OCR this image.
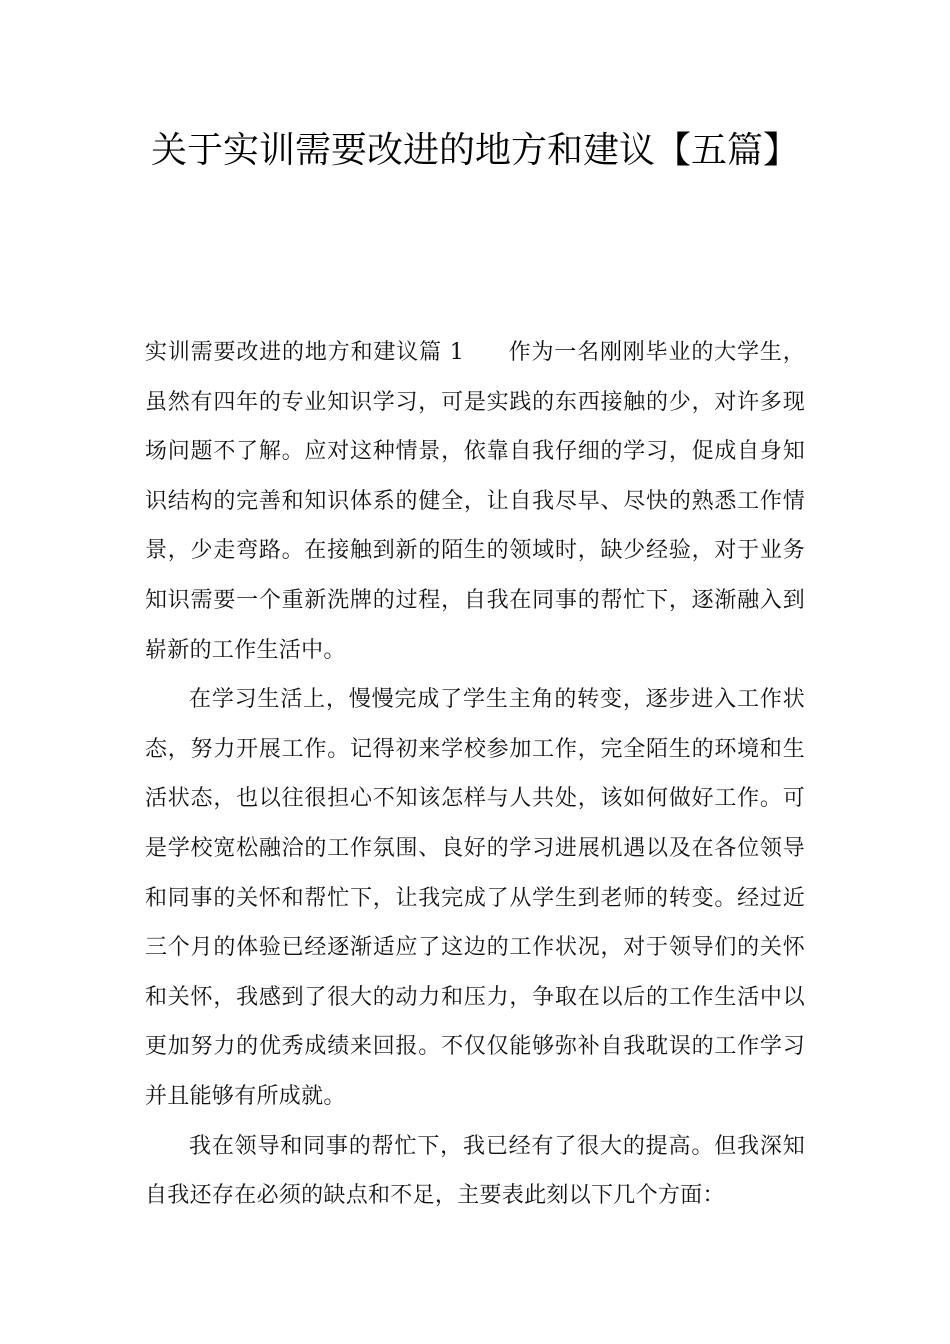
关于实训需要改进的地方和建议【五篇】

实训需要改进的地方和建议篇 1 作为一名刚刚毕业的大学生，虽然有四年的专业知识学习，可是实践的东西接触的少，对许多现场问题不了解。应对这种情景，依靠自我仔细的学习，促成自身知识结构的完善和知识体系的健全，让自我尽早、尽快的熟悉工作情景，少走弯路。在接触到新的陌生的领域时，缺少经验，对于业务知识需要一个重新洗牌的过程，自我在同事的帮忙下，逐渐融入到崭新的工作生活中。

在学习生活上，慢慢完成了学生主角的转变，逐步进入工作状态，努力开展工作。记得初来学校参加工作，完全陌生的环境和生活状态，也以往很担心不知该怎样与人共处，该如何做好工作。可是学校宽松融洽的工作氛围、良好的学习进展机遇以及在各位领导和同事的关怀和帮忙下，让我完成了从学生到老师的转变。经过近三个月的体验已经逐渐适应了这边的工作状况，对于领导们的关怀和关怀，我感到了很大的动力和压力，争取在以后的工作生活中以更加努力的优秀成绩来回报。不仅仅能够弥补自我耽误的工作学习并且能够有所成就。

我在领导和同事的帮忙下，我已经有了很大的提高。但我深知自我还存在必须的缺点和不足，主要表此刻以下几个方面：
